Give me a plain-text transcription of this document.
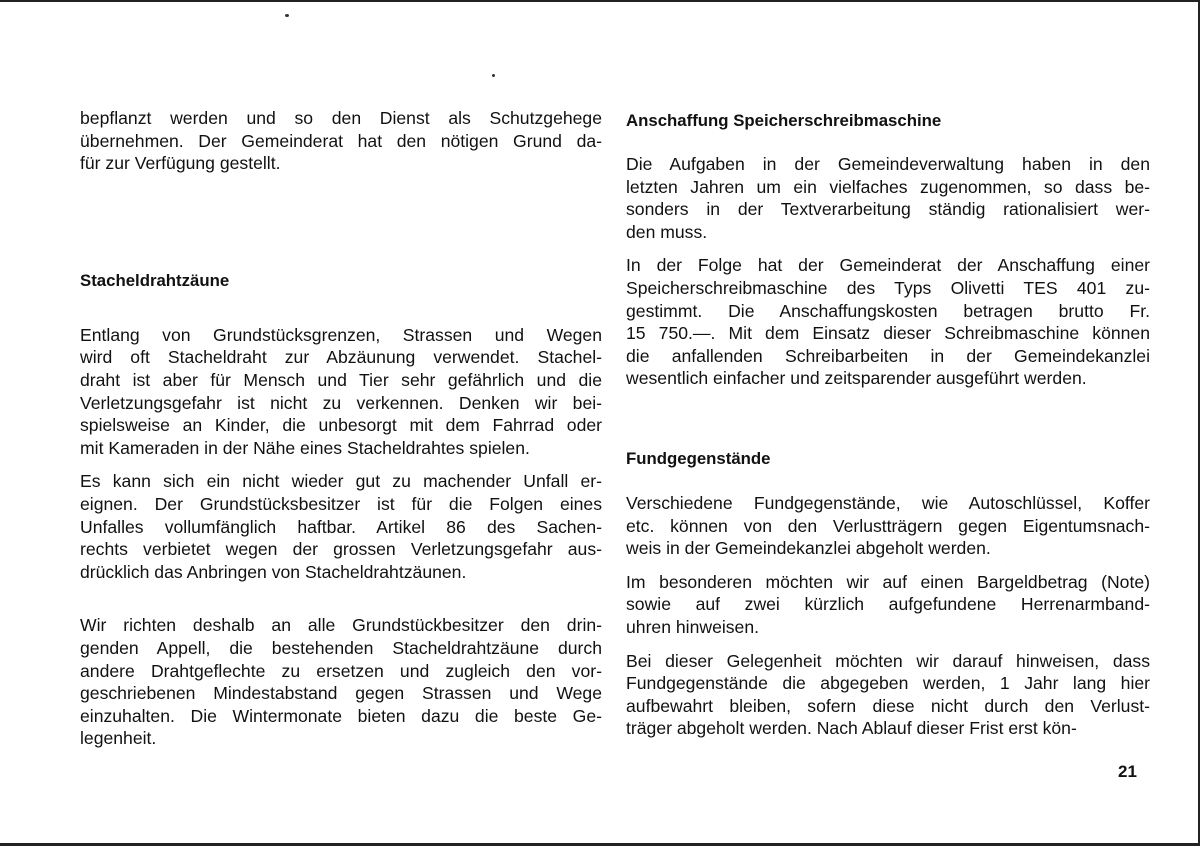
bepflanzt werden und so den Dienst als Schutzgehege
übernehmen. Der Gemeinderat hat den nötigen Grund da-
für zur Verfügung gestellt.

Stacheldrahtzäune

Entlang von Grundstücksgrenzen, Strassen und Wegen
wird oft Stacheldraht zur Abzäunung verwendet. Stachel-
draht ist aber für Mensch und Tier sehr gefährlich und die
Verletzungsgefahr ist nicht zu verkennen. Denken wir bei-
spielsweise an Kinder, die unbesorgt mit dem Fahrrad oder
mit Kameraden in der Nähe eines Stacheldrahtes spielen.

Es kann sich ein nicht wieder gut zu machender Unfall er-
eignen. Der Grundstücksbesitzer ist für die Folgen eines
Unfalles vollumfänglich haftbar. Artikel 86 des Sachen-
rechts verbietet wegen der grossen Verletzungsgefahr aus-
drücklich das Anbringen von Stacheldrahtzäunen.

Wir richten deshalb an alle Grundstückbesitzer den drin-
genden Appell, die bestehenden Stacheldrahtzäune durch
andere Drahtgeflechte zu ersetzen und zugleich den vor-
geschriebenen Mindestabstand gegen Strassen und Wege
einzuhalten. Die Wintermonate bieten dazu die beste Ge-
legenheit.

Anschaffung Speicherschreibmaschine

Die Aufgaben in der Gemeindeverwaltung haben in den
letzten Jahren um ein vielfaches zugenommen, so dass be-
sonders in der Textverarbeitung ständig rationalisiert wer-
den muss.

In der Folge hat der Gemeinderat der Anschaffung einer
Speicherschreibmaschine des Typs Olivetti TES 401 zu-
gestimmt. Die Anschaffungskosten betragen brutto Fr.
15 750.—. Mit dem Einsatz dieser Schreibmaschine können
die anfallenden Schreibarbeiten in der Gemeindekanzlei
wesentlich einfacher und zeitsparender ausgeführt werden.

Fundgegenstände

Verschiedene Fundgegenstände, wie Autoschlüssel, Koffer
etc. können von den Verlustträgern gegen Eigentumsnach-
weis in der Gemeindekanzlei abgeholt werden.

Im besonderen möchten wir auf einen Bargeldbetrag (Note)
sowie auf zwei kürzlich aufgefundene Herrenarmband-
uhren hinweisen.

Bei dieser Gelegenheit möchten wir darauf hinweisen, dass
Fundgegenstände die abgegeben werden, 1 Jahr lang hier
aufbewahrt bleiben, sofern diese nicht durch den Verlust-
träger abgeholt werden. Nach Ablauf dieser Frist erst kön-

21
